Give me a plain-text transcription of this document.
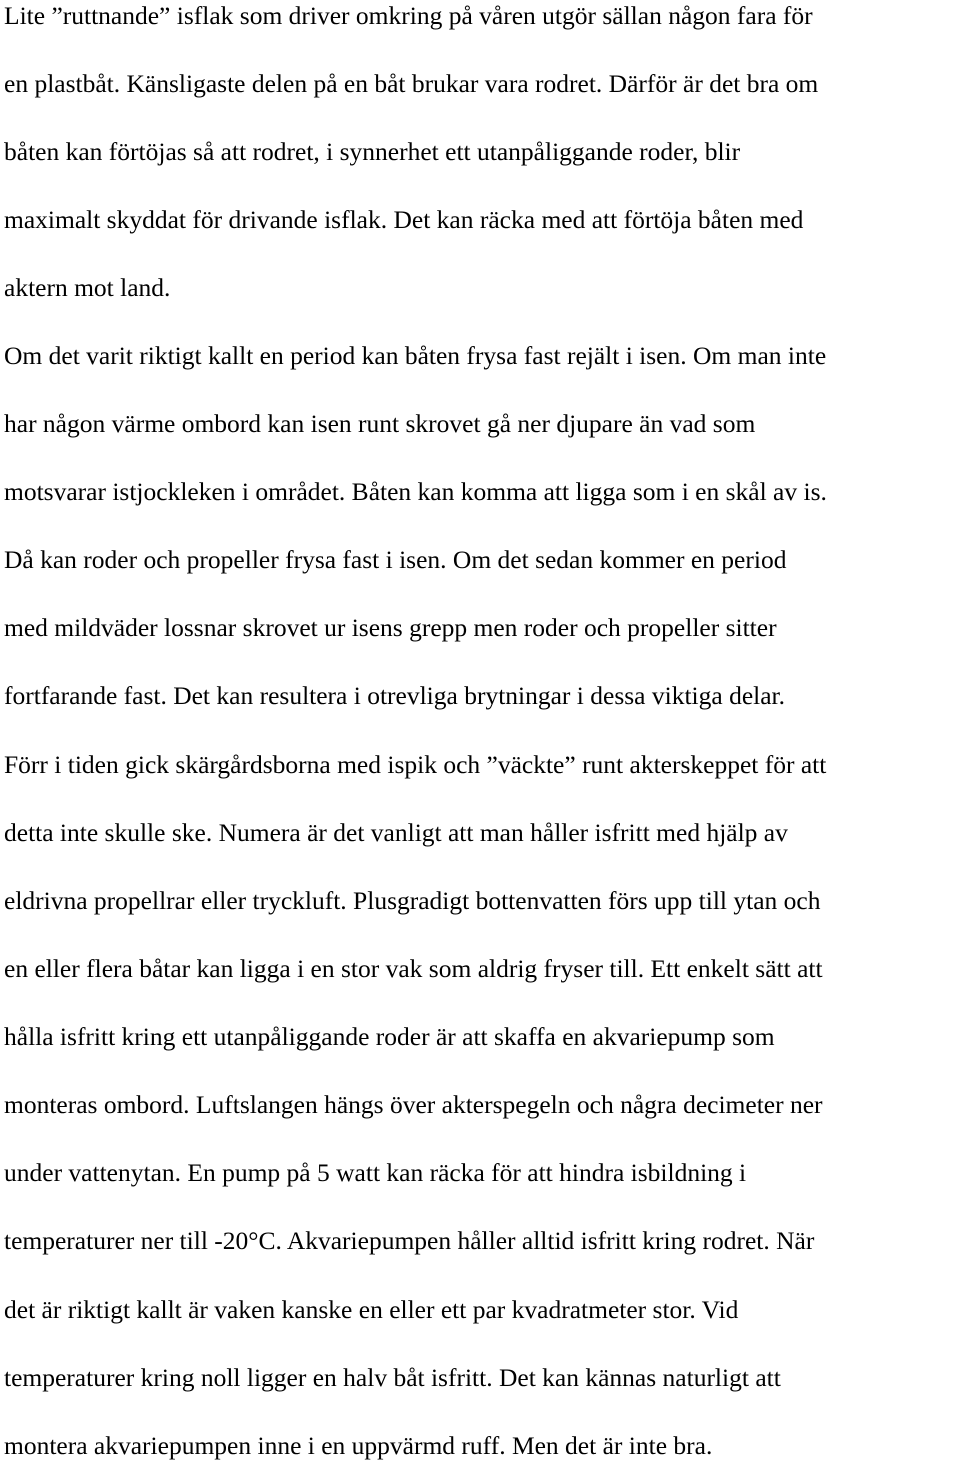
Lite ”ruttnande” isflak som driver omkring på våren utgör sällan någon fara för
en plastbåt. Känsligaste delen på en båt brukar vara rodret. Därför är det bra om
båten kan förtöjas så att rodret, i synnerhet ett utanpåliggande roder, blir
maximalt skyddat för drivande isflak. Det kan räcka med att förtöja båten med
aktern mot land.
Om det varit riktigt kallt en period kan båten frysa fast rejält i isen. Om man inte
har någon värme ombord kan isen runt skrovet gå ner djupare än vad som
motsvarar istjockleken i området. Båten kan komma att ligga som i en skål av is.
Då kan roder och propeller frysa fast i isen. Om det sedan kommer en period
med mildväder lossnar skrovet ur isens grepp men roder och propeller sitter
fortfarande fast. Det kan resultera i otrevliga brytningar i dessa viktiga delar.
Förr i tiden gick skärgårdsborna med ispik och ”väckte” runt akterskeppet för att
detta inte skulle ske. Numera är det vanligt att man håller isfritt med hjälp av
eldrivna propellrar eller tryckluft. Plusgradigt bottenvatten förs upp till ytan och
en eller flera båtar kan ligga i en stor vak som aldrig fryser till. Ett enkelt sätt att
hålla isfritt kring ett utanpåliggande roder är att skaffa en akvariepump som
monteras ombord. Luftslangen hängs över akterspegeln och några decimeter ner
under vattenytan. En pump på 5 watt kan räcka för att hindra isbildning i
temperaturer ner till -20°C. Akvariepumpen håller alltid isfritt kring rodret. När
det är riktigt kallt är vaken kanske en eller ett par kvadratmeter stor. Vid
temperaturer kring noll ligger en halv båt isfritt. Det kan kännas naturligt att
montera akvariepumpen inne i en uppvärmd ruff. Men det är inte bra.
